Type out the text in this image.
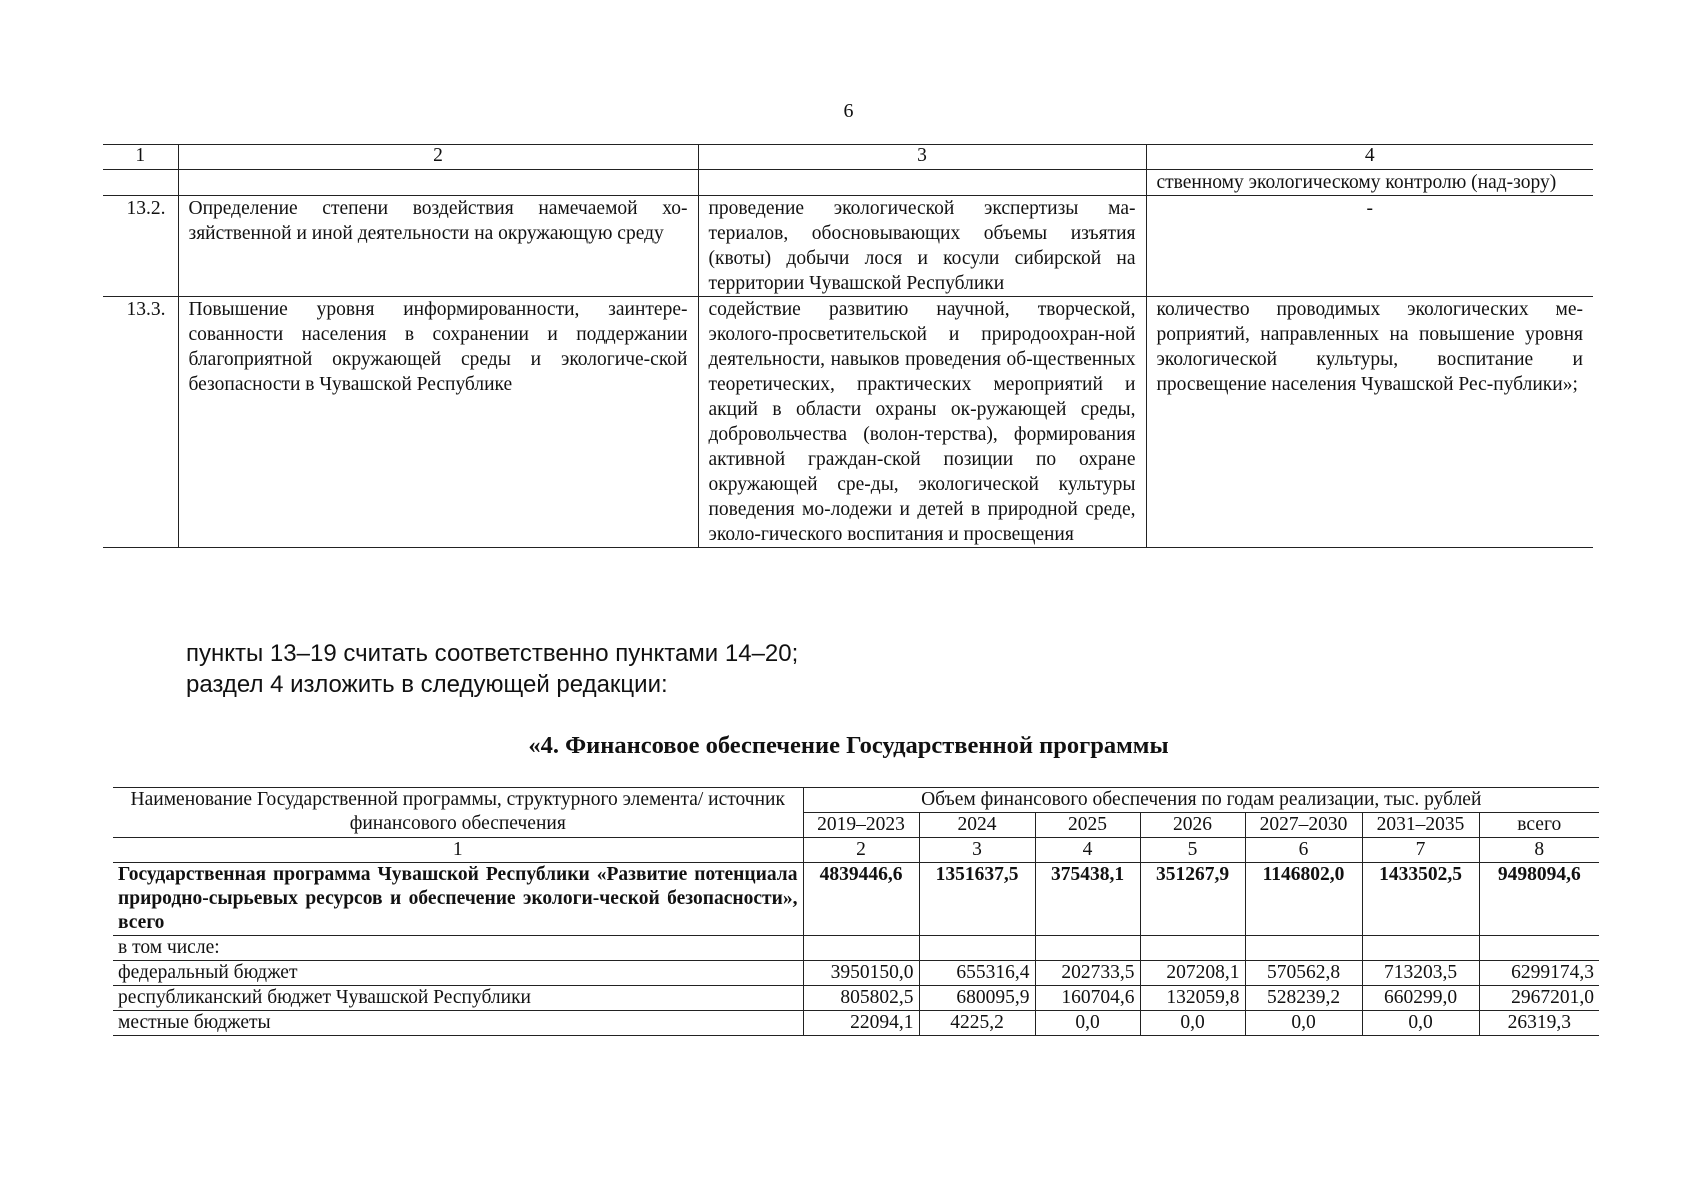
6
1	2	3	4
			ственному экологическому контролю (над-зору)
13.2.	Определение степени воздействия намечаемой хо-зяйственной и иной деятельности на окружающую среду	проведение экологической экспертизы ма-териалов, обосновывающих объемы изъятия (квоты) добычи лося и косули сибирской на территории Чувашской Республики	-
13.3.	Повышение уровня информированности, заинтере-сованности населения в сохранении и поддержании благоприятной окружающей среды и экологиче-ской безопасности в Чувашской Республике	содействие развитию научной, творческой, эколого-просветительской и природоохран-ной деятельности, навыков проведения об-щественных теоретических, практических мероприятий и акций в области охраны ок-ружающей среды, добровольчества (волон-терства), формирования активной граждан-ской позиции по охране окружающей сре-ды, экологической культуры поведения мо-лодежи и детей в природной среде, эколо-гического воспитания и просвещения	количество проводимых экологических ме-роприятий, направленных на повышение уровня экологической культуры, воспитание и просвещение населения Чувашской Рес-публики»;
пункты 13–19 считать соответственно пунктами 14–20;
раздел 4 изложить в следующей редакции:
«4. Финансовое обеспечение Государственной программы
Наименование Государственной программы, структурного элемента/ источник финансового обеспечения	Объем финансового обеспечения по годам реализации, тыс. рублей						
	2019–2023	2024	2025	2026	2027–2030	2031–2035	всего
1	2	3	4	5	6	7	8
Государственная программа Чувашской Республики «Развитие потенциала природно-сырьевых ресурсов и обеспечение экологи-ческой безопасности», всего	4839446,6	1351637,5	375438,1	351267,9	1146802,0	1433502,5	9498094,6
в том числе:							
федеральный бюджет	3950150,0	655316,4	202733,5	207208,1	570562,8	713203,5	6299174,3
республиканский бюджет Чувашской Республики	805802,5	680095,9	160704,6	132059,8	528239,2	660299,0	2967201,0
местные бюджеты	22094,1	4225,2	0,0	0,0	0,0	0,0	26319,3
